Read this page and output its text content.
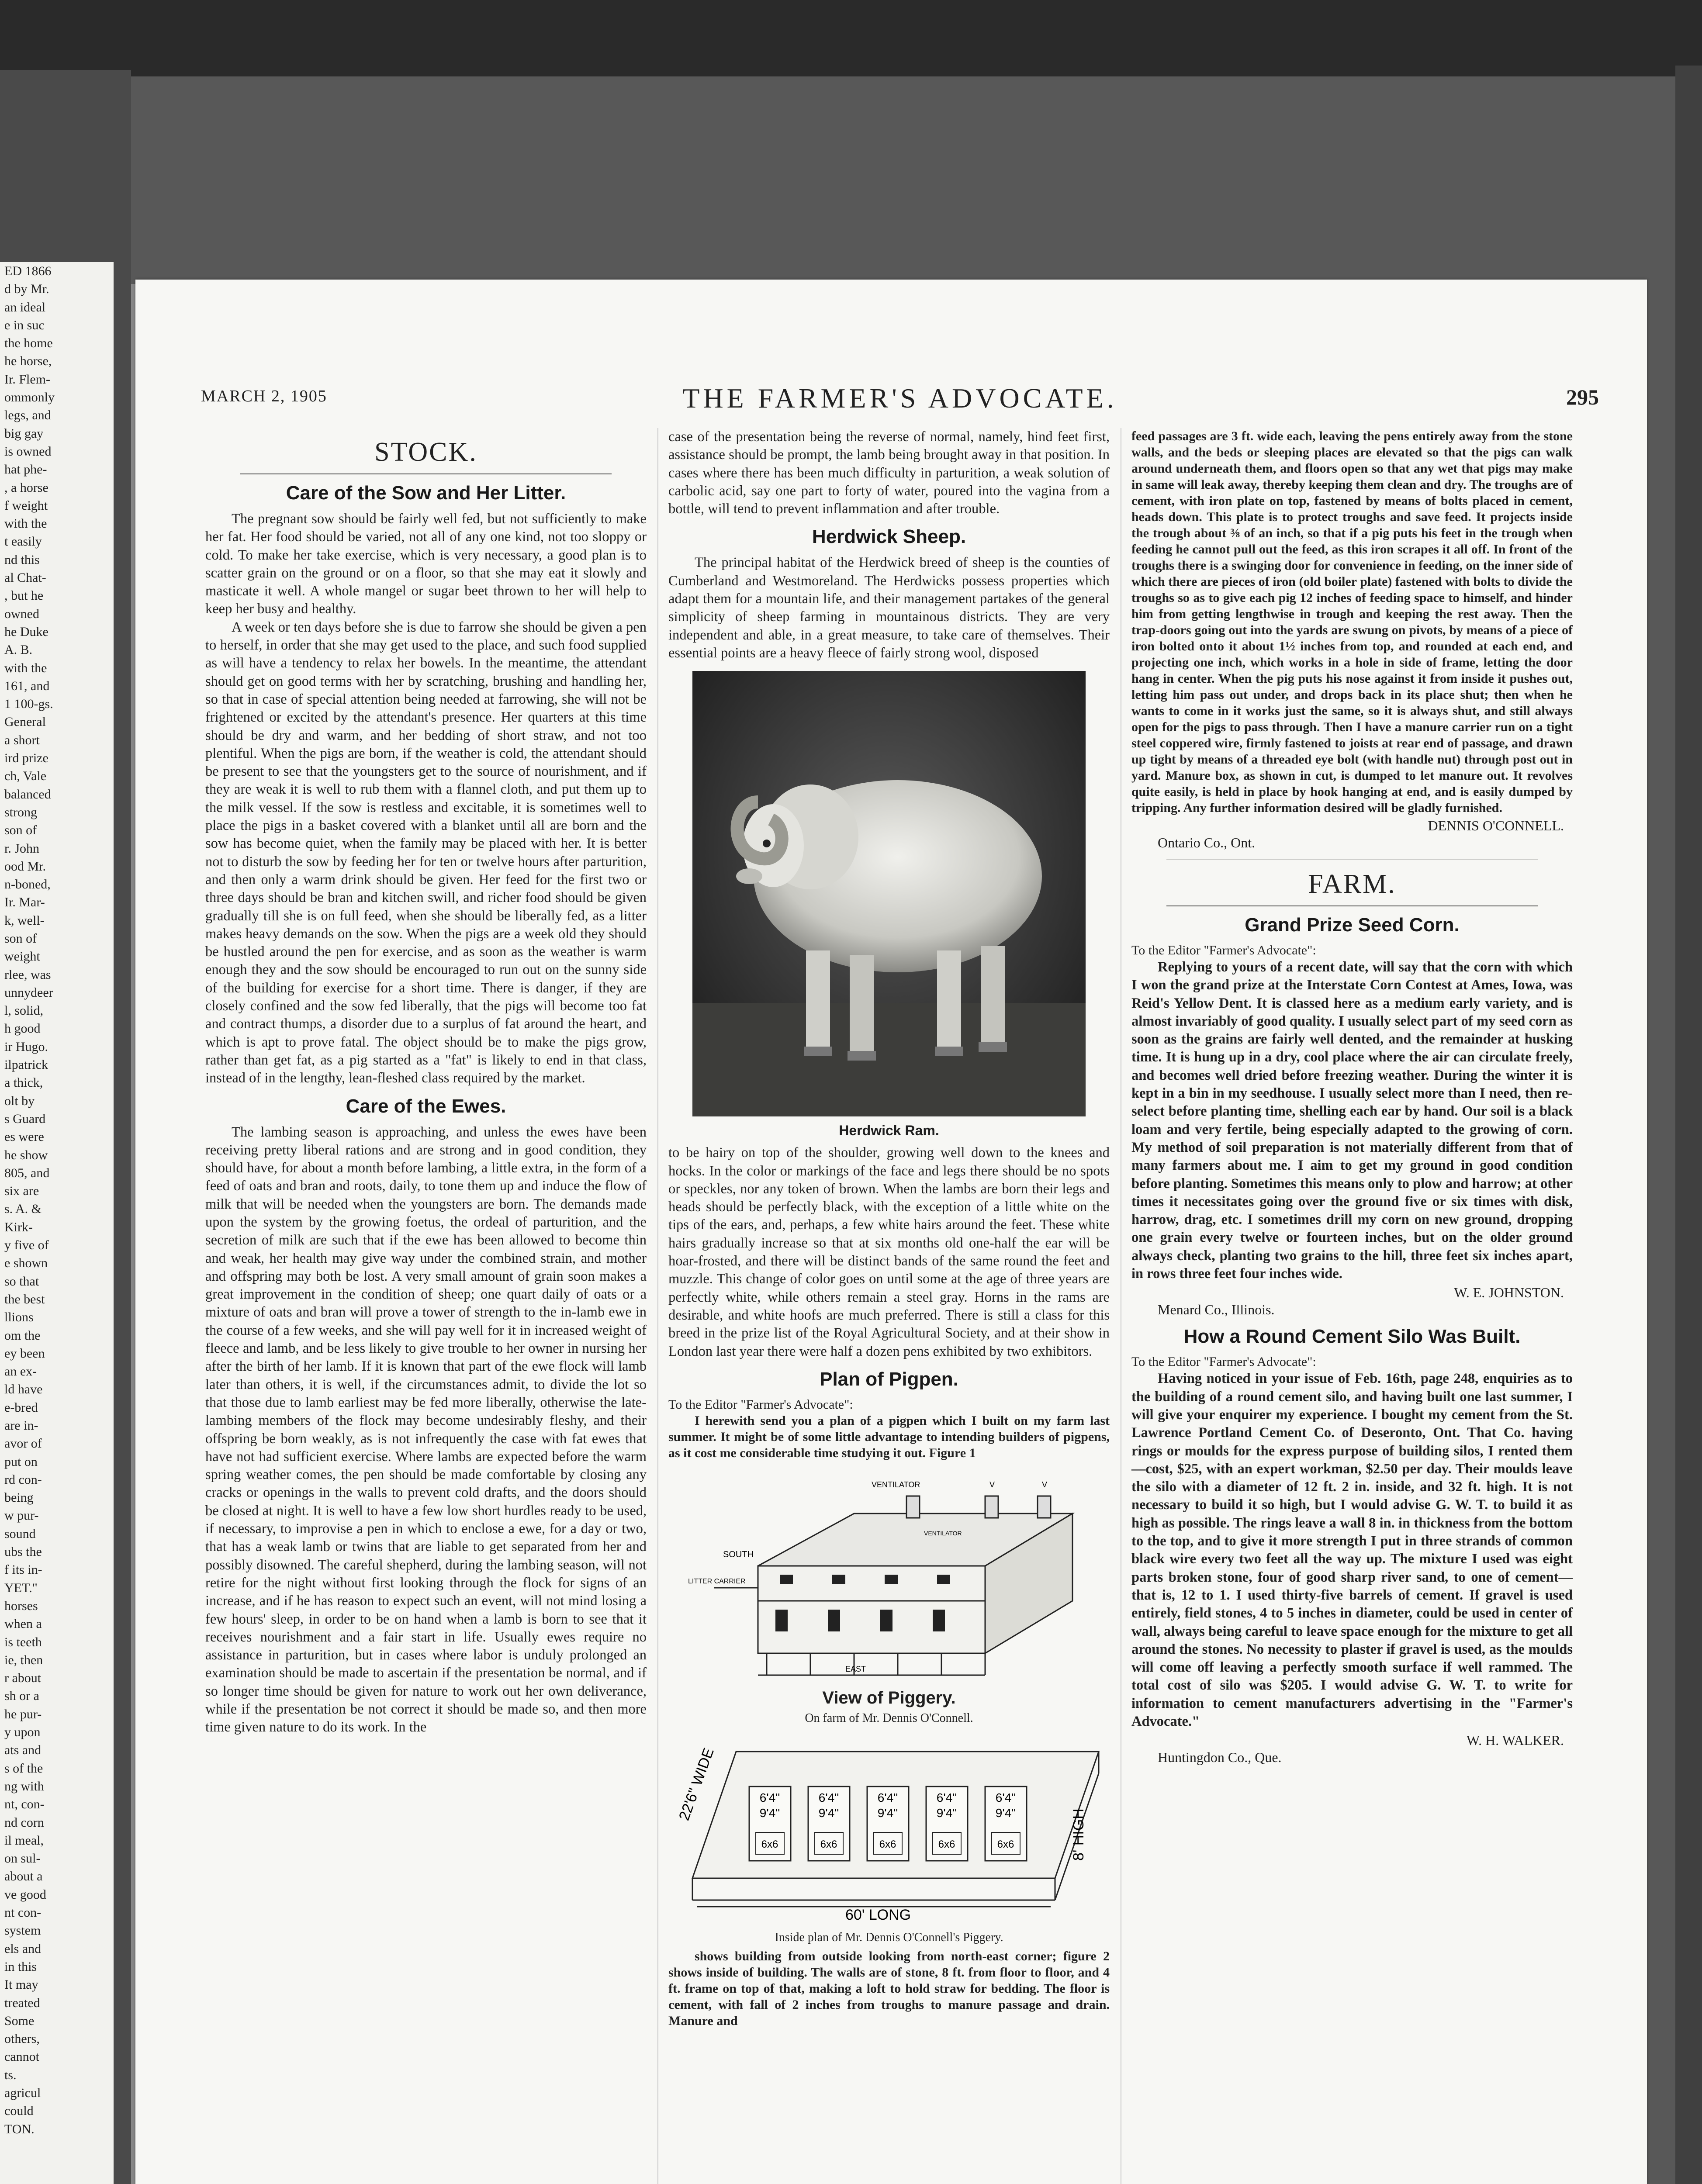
ED 1866
d by Mr.
an ideal
e in suc
the home
he horse,
Ir. Flem-
ommonly
legs, and
big gay
is owned
hat phe-
, a horse
f weight
with the
t easily
nd this
al Chat-
, but he
owned
he Duke
A. B.
with the
161, and
1 100-gs.
General
a short
ird prize
ch, Vale
balanced
strong
son of
r. John
ood Mr.
n-boned,
Ir. Mar-
k, well-
son of
weight
rlee, was
unnydeer
l, solid,
h good
ir Hugo.
ilpatrick
a thick,
olt by
s Guard
es were
he show
805, and
six are
s. A. &
Kirk-
y five of
e shown
so that
the best
llions
om the
ey been
an ex-
ld have
e-bred
are in-
avor of
put on
rd con-
being
w pur-
sound
ubs the
f its in-
YET."
horses
when a
is teeth
ie, then
r about
sh or a
he pur-
y upon
ats and
s of the
ng with
nt, con-
nd corn
il meal,
on sul-
about a
ve good
nt con-
system
els and
in this
It may
treated
Some
others,
cannot
ts.
agricul
could
TON.
THE FARMER'S ADVOCATE.
MARCH 2, 1905	295
STOCK.
Care of the Sow and Her Litter.

The pregnant sow should be fairly well fed, but not sufficiently to make her fat. Her food should be varied, not all of any one kind, not too sloppy or cold. To make her take exercise, which is very necessary, a good plan is to scatter grain on the ground or on a floor, so that she may eat it slowly and masticate it well. A whole mangel or sugar beet thrown to her will help to keep her busy and healthy.

A week or ten days before she is due to farrow she should be given a pen to herself, in order that she may get used to the place, and such food supplied as will have a tendency to relax her bowels. In the meantime, the attendant should get on good terms with her by scratching, brushing and handling her, so that in case of special attention being needed at farrowing, she will not be frightened or excited by the attendant's presence. Her quarters at this time should be dry and warm, and her bedding of short straw, and not too plentiful. When the pigs are born, if the weather is cold, the attendant should be present to see that the youngsters get to the source of nourishment, and if they are weak it is well to rub them with a flannel cloth, and put them up to the milk vessel. If the sow is restless and excitable, it is sometimes well to place the pigs in a basket covered with a blanket until all are born and the sow has become quiet, when the family may be placed with her. It is better not to disturb the sow by feeding her for ten or twelve hours after parturition, and then only a warm drink should be given. Her feed for the first two or three days should be bran and kitchen swill, and richer food should be given gradually till she is on full feed, when she should be liberally fed, as a litter makes heavy demands on the sow. When the pigs are a week old they should be hustled around the pen for exercise, and as soon as the weather is warm enough they and the sow should be encouraged to run out on the sunny side of the building for exercise for a short time. There is danger, if they are closely confined and the sow fed liberally, that the pigs will become too fat and contract thumps, a disorder due to a surplus of fat around the heart, and which is apt to prove fatal. The object should be to make the pigs grow, rather than get fat, as a pig started as a "fat" is likely to end in that class, instead of in the lengthy, lean-fleshed class required by the market.

Care of the Ewes.

The lambing season is approaching, and unless the ewes have been receiving pretty liberal rations and are strong and in good condition, they should have, for about a month before lambing, a little extra, in the form of a feed of oats and bran and roots, daily, to tone them up and induce the flow of milk that will be needed when the youngsters are born. The demands made upon the system by the growing foetus, the ordeal of parturition, and the secretion of milk are such that if the ewe has been allowed to become thin and weak, her health may give way under the combined strain, and mother and offspring may both be lost. A very small amount of grain soon makes a great improvement in the condition of sheep; one quart daily of oats or a mixture of oats and bran will prove a tower of strength to the in-lamb ewe in the course of a few weeks, and she will pay well for it in increased weight of fleece and lamb, and be less likely to give trouble to her owner in nursing her after the birth of her lamb. If it is known that part of the ewe flock will lamb later than others, it is well, if the circumstances admit, to divide the lot so that those due to lamb earliest may be fed more liberally, otherwise the late-lambing members of the flock may become undesirably fleshy, and their offspring be born weakly, as is not infrequently the case with fat ewes that have not had sufficient exercise. Where lambs are expected before the warm spring weather comes, the pen should be made comfortable by closing any cracks or openings in the walls to prevent cold drafts, and the doors should be closed at night. It is well to have a few low short hurdles ready to be used, if necessary, to improvise a pen in which to enclose a ewe, for a day or two, that has a weak lamb or twins that are liable to get separated from her and possibly disowned. The careful shepherd, during the lambing season, will not retire for the night without first looking through the flock for signs of an increase, and if he has reason to expect such an event, will not mind losing a few hours' sleep, in order to be on hand when a lamb is born to see that it receives nourishment and a fair start in life. Usually ewes require no assistance in parturition, but in cases where labor is unduly prolonged an examination should be made to ascertain if the presentation be normal, and if so longer time should be given for nature to work out her own deliverance, while if the presentation be not correct it should be made so, and then more time given nature to do its work. In the

case of the presentation being the reverse of normal, namely, hind feet first, assistance should be prompt, the lamb being brought away in that position. In cases where there has been much difficulty in parturition, a weak solution of carbolic acid, say one part to forty of water, poured into the vagina from a bottle, will tend to prevent inflammation and after trouble.

Herdwick Sheep.

The principal habitat of the Herdwick breed of sheep is the counties of Cumberland and Westmoreland. The Herdwicks possess properties which adapt them for a mountain life, and their management partakes of the general simplicity of sheep farming in mountainous districts. They are very independent and able, in a great measure, to take care of themselves. Their essential points are a heavy fleece of fairly strong wool, disposed

Herdwick Ram.

to be hairy on top of the shoulder, growing well down to the knees and hocks. In the color or markings of the face and legs there should be no spots or speckles, nor any token of brown. When the lambs are born their legs and heads should be perfectly black, with the exception of a little white on the tips of the ears, and, perhaps, a few white hairs around the feet. These white hairs gradually increase so that at six months old one-half the ear will be hoar-frosted, and there will be distinct bands of the same round the feet and muzzle. This change of color goes on until some at the age of three years are perfectly white, while others remain a steel gray. Horns in the rams are desirable, and white hoofs are much preferred. There is still a class for this breed in the prize list of the Royal Agricultural Society, and at their show in London last year there were half a dozen pens exhibited by two exhibitors.

Plan of Pigpen.

To the Editor "Farmer's Advocate":

I herewith send you a plan of a pigpen which I built on my farm last summer. It might be of some little advantage to intending builders of pigpens, as it cost me considerable time studying it out. Figure 1

VENTILATOR	V	V
SOUTH
LITTER CARRIER
VENTILATOR
EAST
View of Piggery.
On farm of Mr. Dennis O'Connell.
6'4"
9'4"
6x6
6'4"
9'4"
6x6
6'4"
9'4"
6x6
6'4"
9'4"
6x6
6'4"
9'4"
6x6
22'6" WIDE
8' HIGH
60' LONG
Inside plan of Mr. Dennis O'Connell's Piggery.

shows building from outside looking from north-east corner; figure 2 shows inside of building. The walls are of stone, 8 ft. from floor to floor, and 4 ft. frame on top of that, making a loft to hold straw for bedding. The floor is cement, with fall of 2 inches from troughs to manure passage and drain. Manure and

feed passages are 3 ft. wide each, leaving the pens entirely away from the stone walls, and the beds or sleeping places are elevated so that the pigs can walk around underneath them, and floors open so that any wet that pigs may make in same will leak away, thereby keeping them clean and dry. The troughs are of cement, with iron plate on top, fastened by means of bolts placed in cement, heads down. This plate is to protect troughs and save feed. It projects inside the trough about ⅜ of an inch, so that if a pig puts his feet in the trough when feeding he cannot pull out the feed, as this iron scrapes it all off. In front of the troughs there is a swinging door for convenience in feeding, on the inner side of which there are pieces of iron (old boiler plate) fastened with bolts to divide the troughs so as to give each pig 12 inches of feeding space to himself, and hinder him from getting lengthwise in trough and keeping the rest away. Then the trap-doors going out into the yards are swung on pivots, by means of a piece of iron bolted onto it about 1½ inches from top, and rounded at each end, and projecting one inch, which works in a hole in side of frame, letting the door hang in center. When the pig puts his nose against it from inside it pushes out, letting him pass out under, and drops back in its place shut; then when he wants to come in it works just the same, so it is always shut, and still always open for the pigs to pass through. Then I have a manure carrier run on a tight steel coppered wire, firmly fastened to joists at rear end of passage, and drawn up tight by means of a threaded eye bolt (with handle nut) through post out in yard. Manure box, as shown in cut, is dumped to let manure out. It revolves quite easily, is held in place by hook hanging at end, and is easily dumped by tripping. Any further information desired will be gladly furnished.

DENNIS O'CONNELL.
Ontario Co., Ont.
FARM.
Grand Prize Seed Corn.

To the Editor "Farmer's Advocate":

Replying to yours of a recent date, will say that the corn with which I won the grand prize at the Interstate Corn Contest at Ames, Iowa, was Reid's Yellow Dent. It is classed here as a medium early variety, and is almost invariably of good quality. I usually select part of my seed corn as soon as the grains are fairly well dented, and the remainder at husking time. It is hung up in a dry, cool place where the air can circulate freely, and becomes well dried before freezing weather. During the winter it is kept in a bin in my seedhouse. I usually select more than I need, then re-select before planting time, shelling each ear by hand. Our soil is a black loam and very fertile, being especially adapted to the growing of corn. My method of soil preparation is not materially different from that of many farmers about me. I aim to get my ground in good condition before planting. Sometimes this means only to plow and harrow; at other times it necessitates going over the ground five or six times with disk, harrow, drag, etc. I sometimes drill my corn on new ground, dropping one grain every twelve or fourteen inches, but on the older ground always check, planting two grains to the hill, three feet six inches apart, in rows three feet four inches wide.

W. E. JOHNSTON.
Menard Co., Illinois.
How a Round Cement Silo Was Built.

To the Editor "Farmer's Advocate":

Having noticed in your issue of Feb. 16th, page 248, enquiries as to the building of a round cement silo, and having built one last summer, I will give your enquirer my experience. I bought my cement from the St. Lawrence Portland Cement Co. of Deseronto, Ont. That Co. having rings or moulds for the express purpose of building silos, I rented them—cost, $25, with an expert workman, $2.50 per day. Their moulds leave the silo with a diameter of 12 ft. 2 in. inside, and 32 ft. high. It is not necessary to build it so high, but I would advise G. W. T. to build it as high as possible. The rings leave a wall 8 in. in thickness from the bottom to the top, and to give it more strength I put in three strands of common black wire every two feet all the way up. The mixture I used was eight parts broken stone, four of good sharp river sand, to one of cement—that is, 12 to 1. I used thirty-five barrels of cement. If gravel is used entirely, field stones, 4 to 5 inches in diameter, could be used in center of wall, always being careful to leave space enough for the mixture to get all around the stones. No necessity to plaster if gravel is used, as the moulds will come off leaving a perfectly smooth surface if well rammed. The total cost of silo was $205. I would advise G. W. T. to write for information to cement manufacturers advertising in the "Farmer's Advocate."

W. H. WALKER.
Huntingdon Co., Que.
